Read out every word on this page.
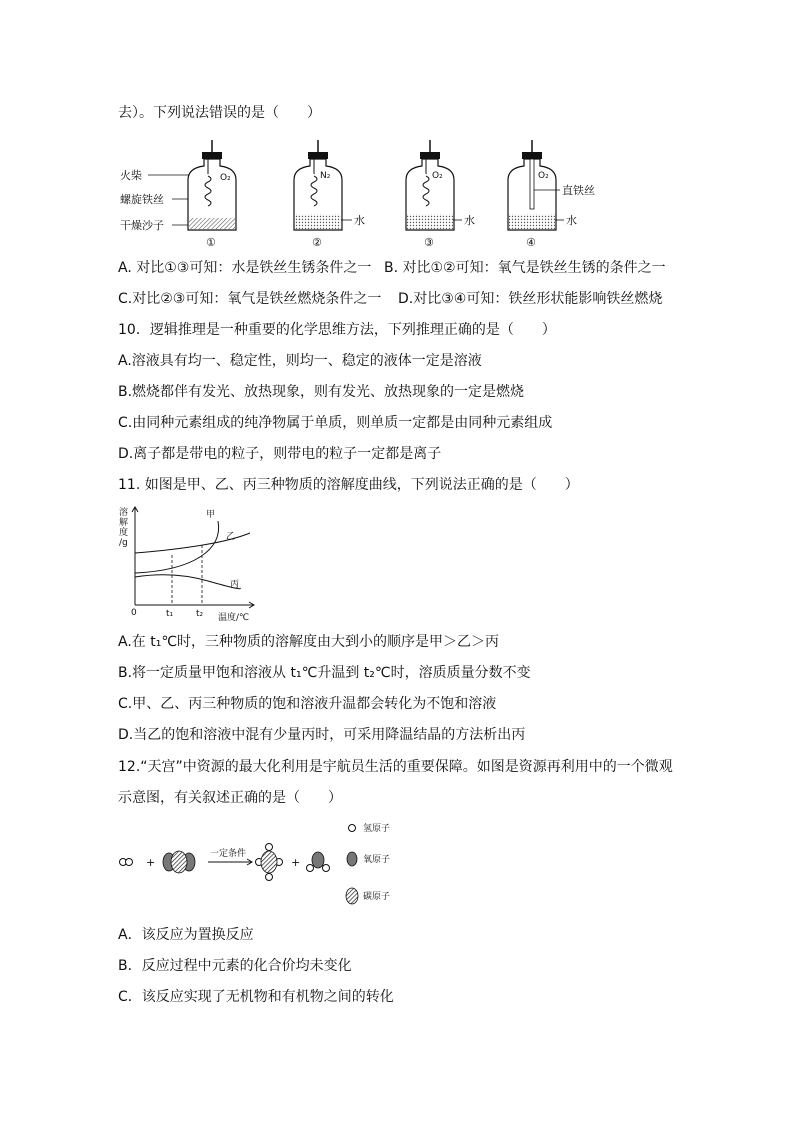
去）。下列说法错误的是（　　）
火柴
螺旋铁丝
干燥沙子
O₂
①
N₂
水
②
O₂
水
③
O₂
直铁丝
水
④
A. 对比①③可知：水是铁丝生锈条件之一 B. 对比①②可知：氧气是铁丝生锈的条件之一
C.对比②③可知：氧气是铁丝燃烧条件之一 D.对比③④可知：铁丝形状能影响铁丝燃烧
10．逻辑推理是一种重要的化学思维方法，下列推理正确的是（　　）
A.溶液具有均一、稳定性，则均一、稳定的液体一定是溶液
B.燃烧都伴有发光、放热现象，则有发光、放热现象的一定是燃烧
C.由同种元素组成的纯净物属于单质，则单质一定都是由同种元素组成
D.离子都是带电的粒子，则带电的粒子一定都是离子
11. 如图是甲、乙、丙三种物质的溶解度曲线，下列说法正确的是（　　）
溶
解
度
/g
0
甲
乙
丙
t₁	t₂ 温度/℃
A.在 t₁℃时，三种物质的溶解度由大到小的顺序是甲＞乙＞丙
B.将一定质量甲饱和溶液从 t₁℃升温到 t₂℃时，溶质质量分数不变
C.甲、乙、丙三种物质的饱和溶液升温都会转化为不饱和溶液
D.当乙的饱和溶液中混有少量丙时，可采用降温结晶的方法析出丙
12.“天宫”中资源的最大化利用是宇航员生活的重要保障。如图是资源再利用中的一个微观
示意图，有关叙述正确的是（　　）
+
一定条件
+
氢原子
氧原子
碳原子
A．该反应为置换反应
B．反应过程中元素的化合价均未变化
C．该反应实现了无机物和有机物之间的转化
